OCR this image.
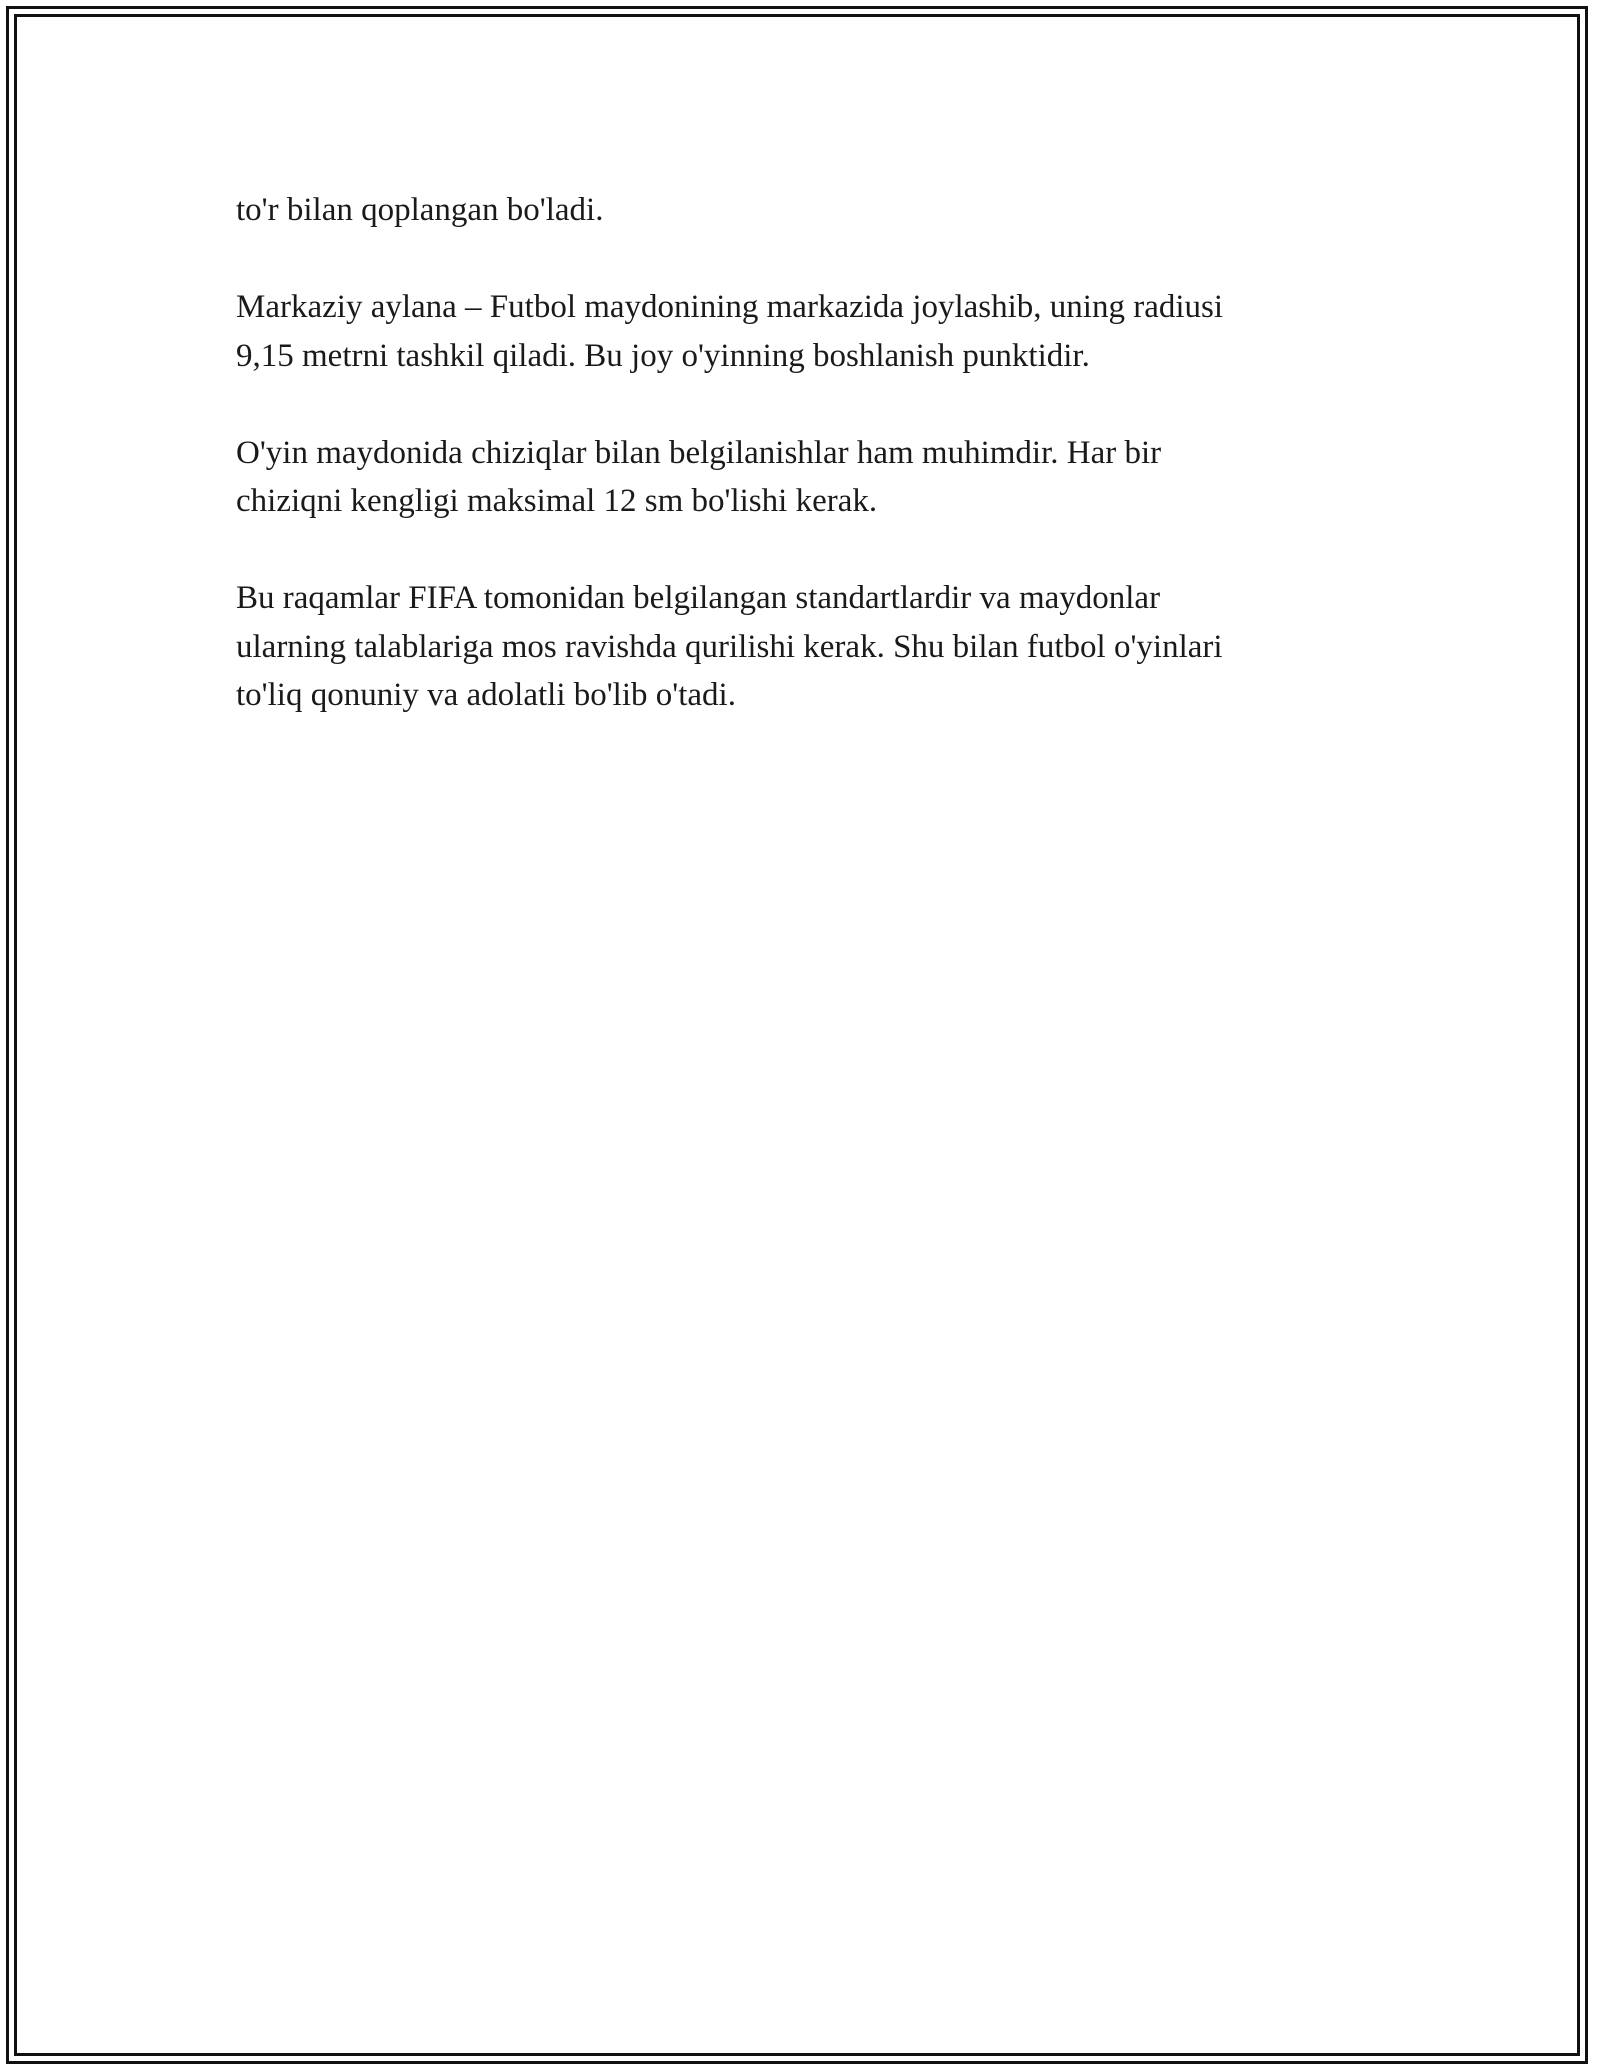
to'r bilan qoplangan bo'ladi.

Markaziy aylana – Futbol maydonining markazida joylashib, uning radiusi
9,15 metrni tashkil qiladi. Bu joy o'yinning boshlanish punktidir.

O'yin maydonida chiziqlar bilan belgilanishlar ham muhimdir. Har bir
chiziqni kengligi maksimal 12 sm bo'lishi kerak.

Bu raqamlar FIFA tomonidan belgilangan standartlardir va maydonlar
ularning talablariga mos ravishda qurilishi kerak. Shu bilan futbol o'yinlari
to'liq qonuniy va adolatli bo'lib o'tadi.
